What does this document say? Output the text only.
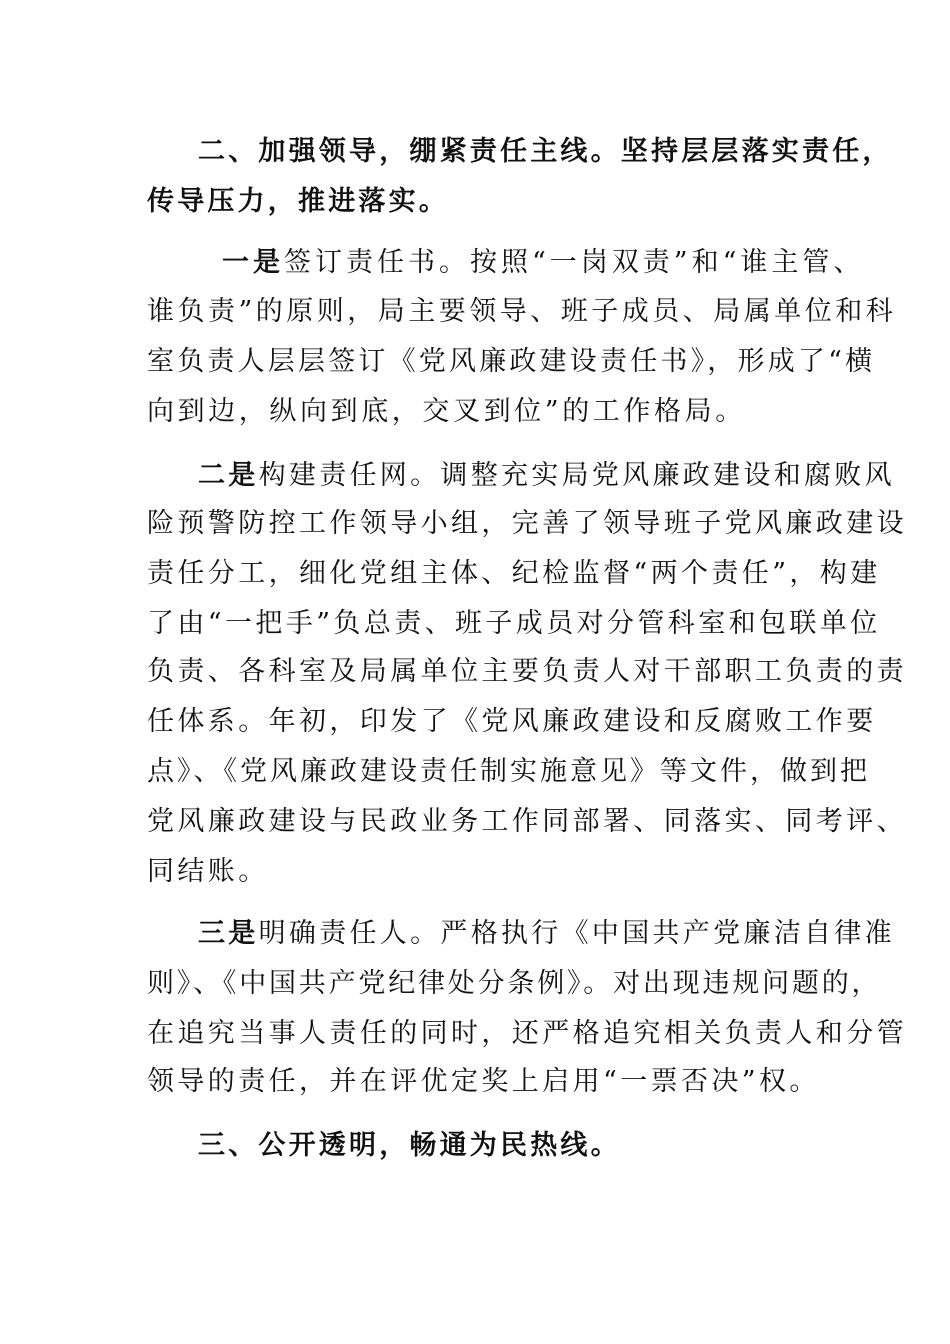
二、加强领导，绷紧责任主线。坚持层层落实责任，
传导压力，推进落实。
一是签订责任书。按照“一岗双责”和“谁主管、
谁负责”的原则，局主要领导、班子成员、局属单位和科
室负责人层层签订《党风廉政建设责任书》，形成了“横
向到边，纵向到底，交叉到位”的工作格局。
二是构建责任网。调整充实局党风廉政建设和腐败风
险预警防控工作领导小组，完善了领导班子党风廉政建设
责任分工，细化党组主体、纪检监督“两个责任”，构建
了由“一把手”负总责、班子成员对分管科室和包联单位
负责、各科室及局属单位主要负责人对干部职工负责的责
任体系。年初，印发了《党风廉政建设和反腐败工作要
点》、《党风廉政建设责任制实施意见》等文件，做到把
党风廉政建设与民政业务工作同部署、同落实、同考评、
同结账。
三是明确责任人。严格执行《中国共产党廉洁自律准
则》、《中国共产党纪律处分条例》。对出现违规问题的，
在追究当事人责任的同时，还严格追究相关负责人和分管
领导的责任，并在评优定奖上启用“一票否决”权。
三、公开透明，畅通为民热线。
